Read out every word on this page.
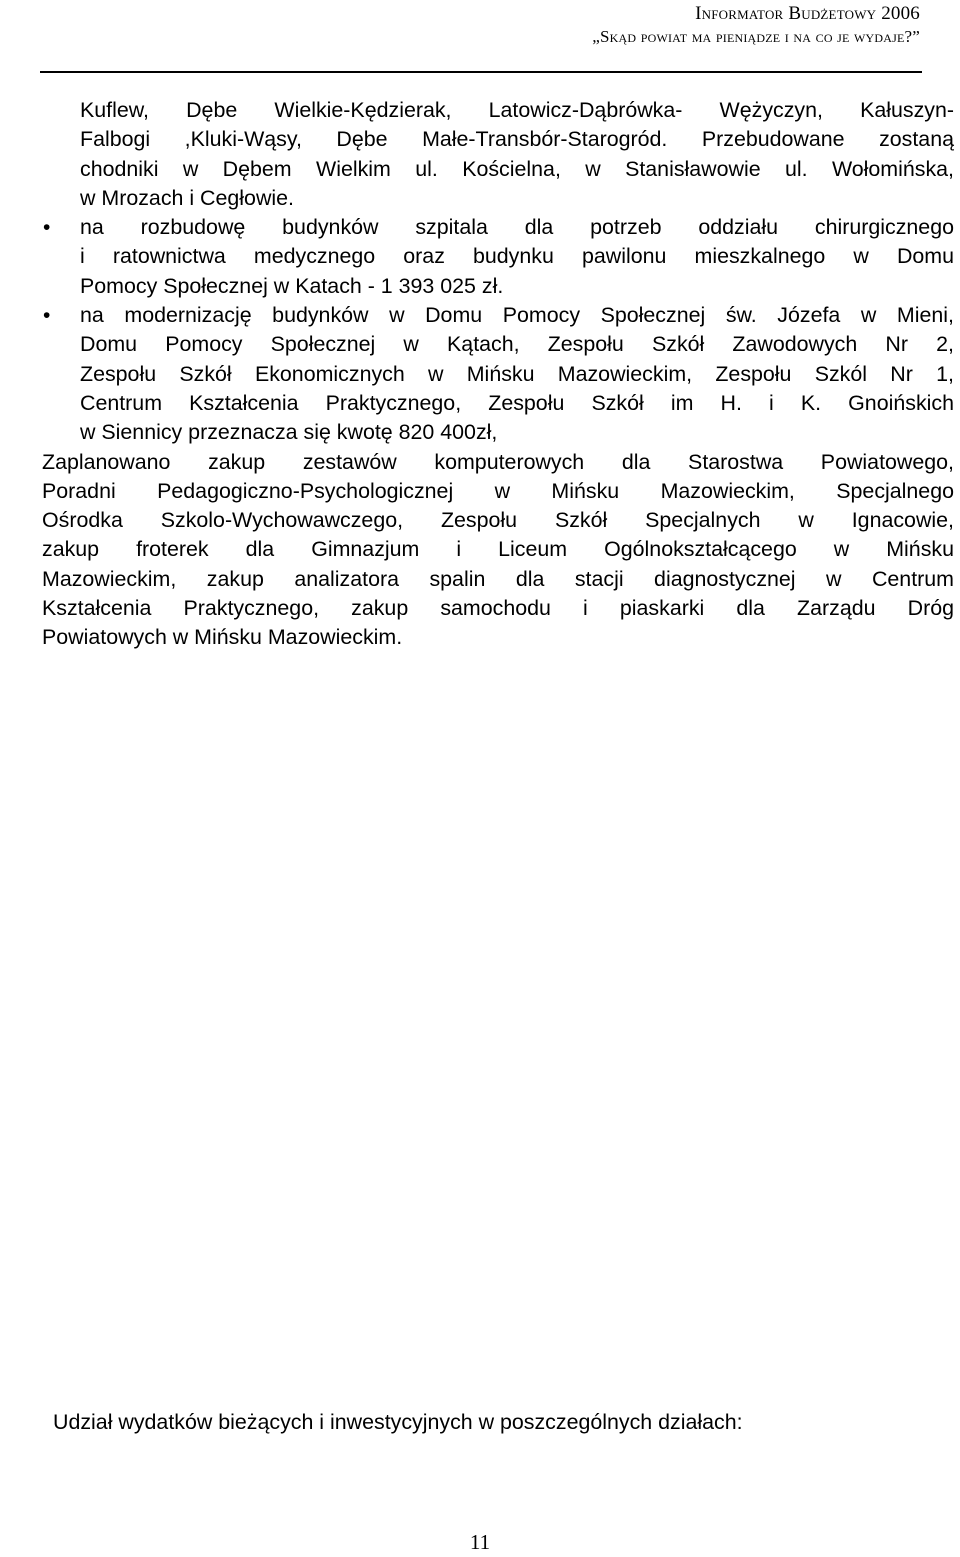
Informator Budżetowy 2006
„Skąd powiat ma pieniądze i na co je wydaje?”
Kuflew, Dębe Wielkie-Kędzierak, Latowicz-Dąbrówka- Wężyczyn, Kałuszyn-
Falbogi ,Kluki-Wąsy, Dębe Małe-Transbór-Starogród. Przebudowane zostaną
chodniki w Dębem Wielkim ul. Kościelna, w Stanisławowie ul. Wołomińska,
w Mrozach i Cegłowie.
• na rozbudowę budynków szpitala dla potrzeb oddziału chirurgicznego
i ratownictwa medycznego oraz budynku pawilonu mieszkalnego w Domu
Pomocy Społecznej w Katach - 1 393 025 zł.
• na modernizację budynków w Domu Pomocy Społecznej św. Józefa w Mieni,
Domu Pomocy Społecznej w Kątach, Zespołu Szkół Zawodowych Nr 2,
Zespołu Szkół Ekonomicznych w Mińsku Mazowieckim, Zespołu Szkól Nr 1,
Centrum Kształcenia Praktycznego, Zespołu Szkół im H. i K. Gnoińskich
w Siennicy przeznacza się kwotę 820 400zł,
Zaplanowano zakup zestawów komputerowych dla Starostwa Powiatowego,
Poradni Pedagogiczno-Psychologicznej w Mińsku Mazowieckim, Specjalnego
Ośrodka Szkolo-Wychowawczego, Zespołu Szkół Specjalnych w Ignacowie,
zakup froterek dla Gimnazjum i Liceum Ogólnokształcącego w Mińsku
Mazowieckim, zakup analizatora spalin dla stacji diagnostycznej w Centrum
Kształcenia Praktycznego, zakup samochodu i piaskarki dla Zarządu Dróg
Powiatowych w Mińsku Mazowieckim.
Udział wydatków bieżących i inwestycyjnych w poszczególnych działach:
11
